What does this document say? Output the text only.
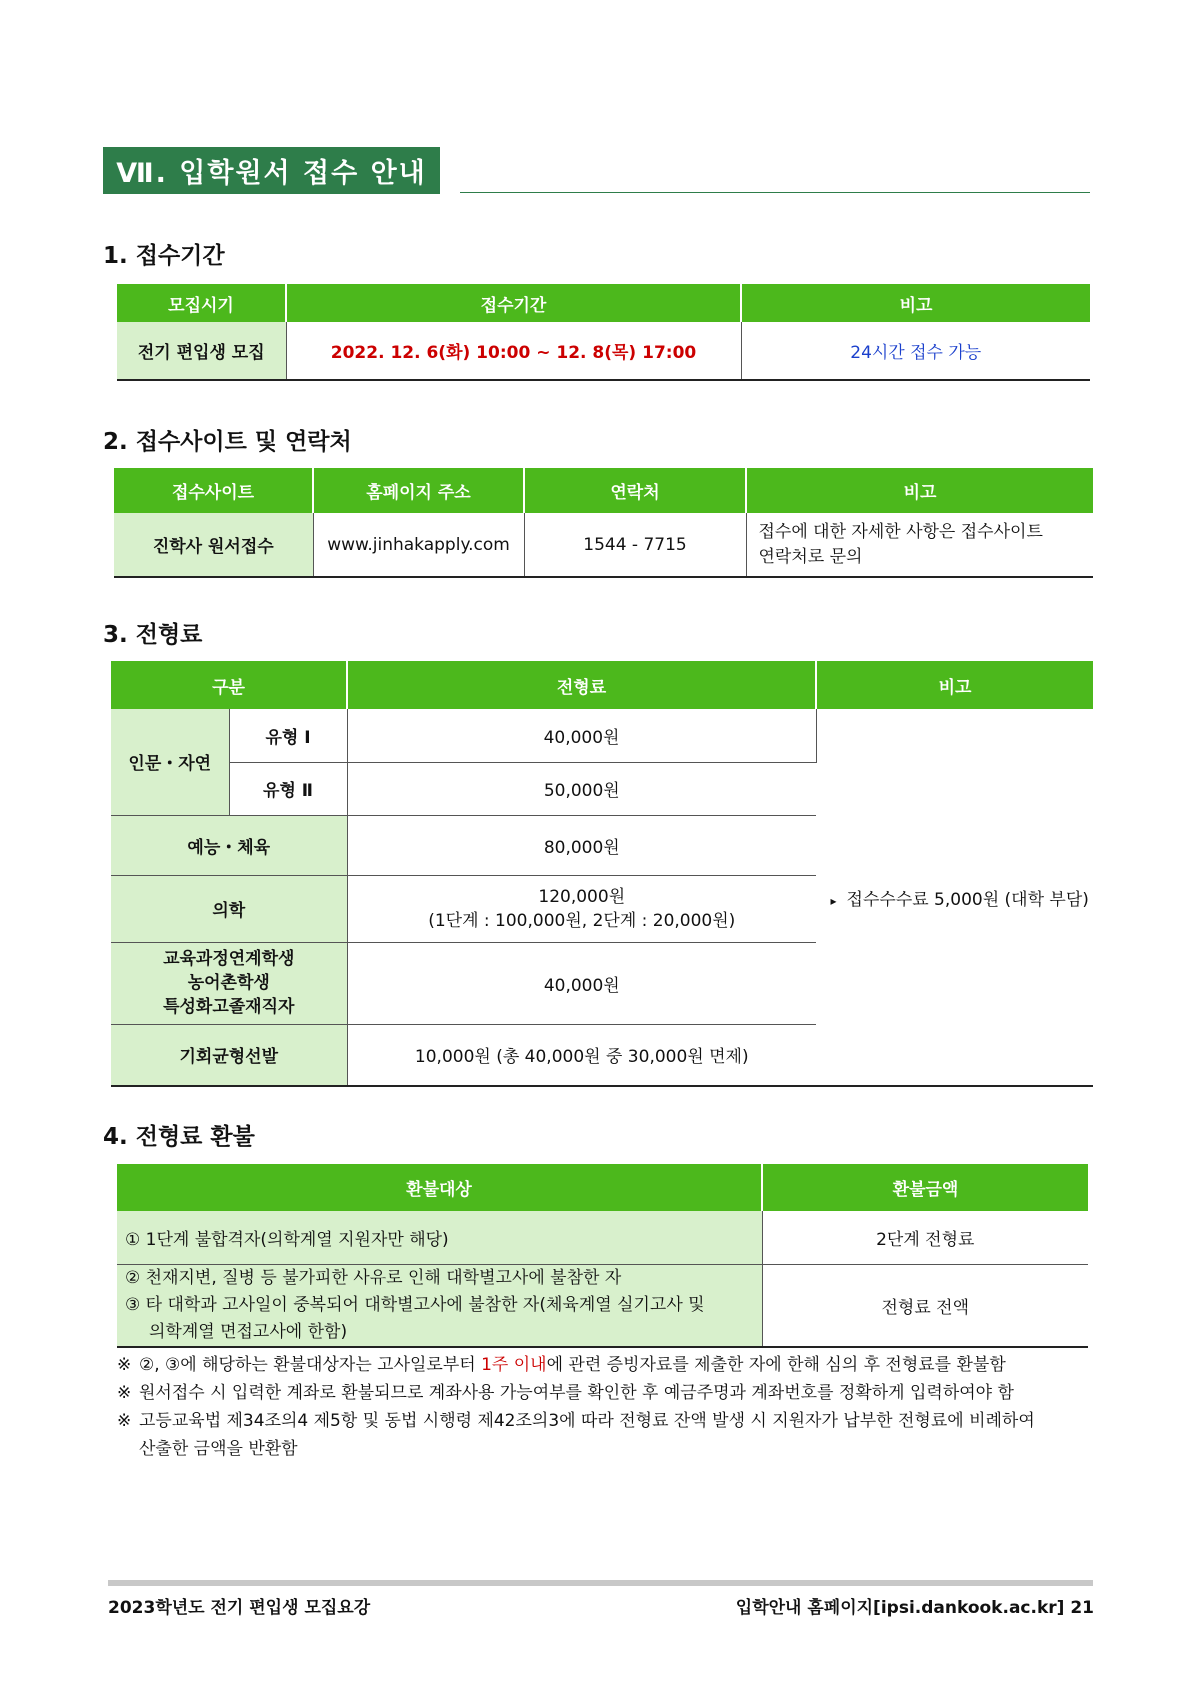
Ⅶ. 입학원서 접수 안내
1. 접수기간
모집시기	접수기간	비고
전기 편입생 모집	2022. 12. 6(화) 10:00 ~ 12. 8(목) 17:00	24시간 접수 가능
2. 접수사이트 및 연락처
접수사이트	홈페이지 주소	연락처	비고
진학사 원서접수	www.jinhakapply.com	1544 - 7715	접수에 대한 자세한 사항은 접수사이트
연락처로 문의
3. 전형료
구분		전형료	비고
인문・자연	유형 Ⅰ	40,000원	▸ 접수수수료 5,000원 (대학 부담)
	유형 Ⅱ	50,000원	
예능・체육		80,000원	
의학		120,000원
(1단계 : 100,000원, 2단계 : 20,000원)	

교육과정연계학생
농어촌학생
특성화고졸재직자		40,000원	
기회균형선발		10,000원 (총 40,000원 중 30,000원 면제)	
4. 전형료 환불
환불대상	환불금액
① 1단계 불합격자(의학계열 지원자만 해당)	2단계 전형료

② 천재지변, 질병 등 불가피한 사유로 인해 대학별고사에 불참한 자
③ 타 대학과 고사일이 중복되어 대학별고사에 불참한 자(체육계열 실기고사 및
의학계열 면접고사에 한함)	전형료 전액
※ ②, ③에 해당하는 환불대상자는 고사일로부터 1주 이내에 관련 증빙자료를 제출한 자에 한해 심의 후 전형료를 환불함
※ 원서접수 시 입력한 계좌로 환불되므로 계좌사용 가능여부를 확인한 후 예금주명과 계좌번호를 정확하게 입력하여야 함
※ 고등교육법 제34조의4 제5항 및 동법 시행령 제42조의3에 따라 전형료 잔액 발생 시 지원자가 납부한 전형료에 비례하여
산출한 금액을 반환함
2023학년도 전기 편입생 모집요강	입학안내 홈페이지[ipsi.dankook.ac.kr] 21
